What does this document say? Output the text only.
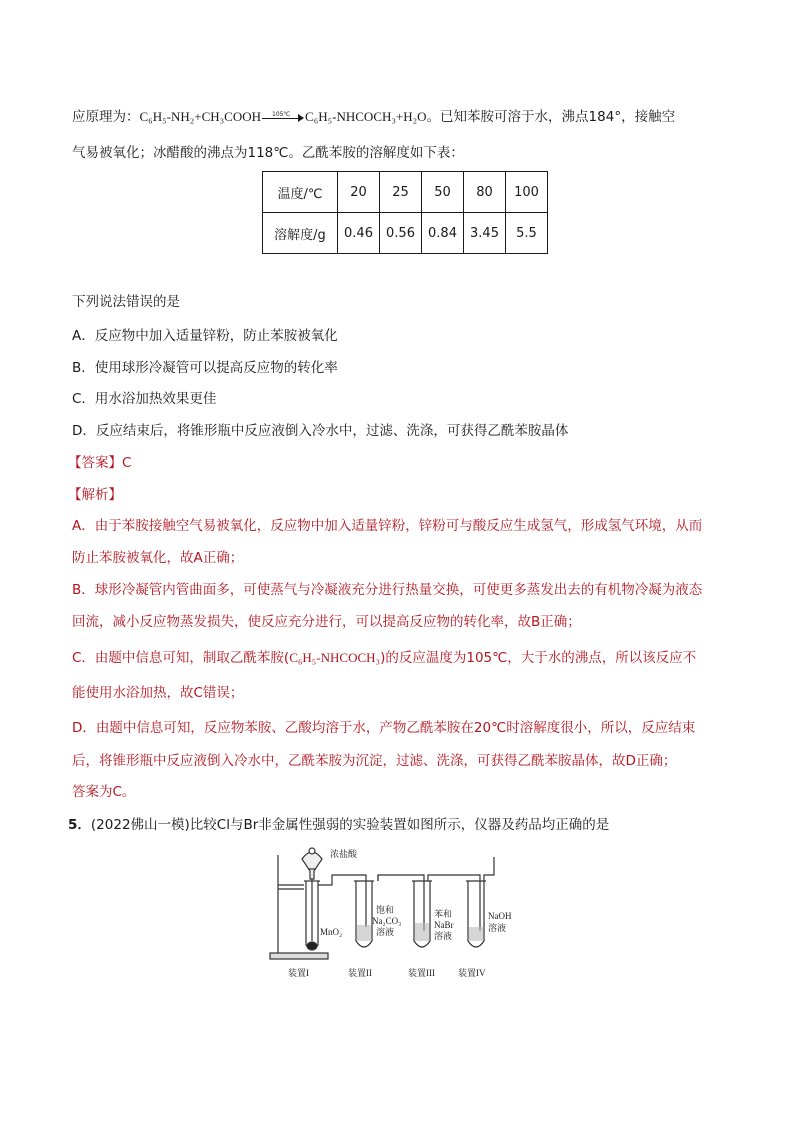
应原理为：C₆H₅-NH₂+CH₃COOH 105℃ C₆H₅-NHCOCH₃+H₂O。已知苯胺可溶于水，沸点184°，接触空
气易被氧化；冰醋酸的沸点为118℃。乙酰苯胺的溶解度如下表：
温度/℃	20	25	50	80	100
溶解度/g	0.46	0.56	0.84	3.45	5.5
下列说法错误的是
A．反应物中加入适量锌粉，防止苯胺被氧化
B．使用球形冷凝管可以提高反应物的转化率
C．用水浴加热效果更佳
D．反应结束后，将锥形瓶中反应液倒入冷水中，过滤、洗涤，可获得乙酰苯胺晶体
【答案】C
【解析】
A．由于苯胺接触空气易被氧化，反应物中加入适量锌粉，锌粉可与酸反应生成氢气，形成氢气环境，从而
防止苯胺被氧化，故A正确；
B．球形冷凝管内管曲面多，可使蒸气与冷凝液充分进行热量交换，可使更多蒸发出去的有机物冷凝为液态
回流，减小反应物蒸发损失，使反应充分进行，可以提高反应物的转化率，故B正确；
C．由题中信息可知，制取乙酰苯胺(C₆H₅-NHCOCH₃)的反应温度为105℃，大于水的沸点，所以该反应不
能使用水浴加热，故C错误；
D．由题中信息可知，反应物苯胺、乙酸均溶于水，产物乙酰苯胺在20℃时溶解度很小，所以，反应结束
后，将锥形瓶中反应液倒入冷水中，乙酰苯胺为沉淀，过滤、洗涤，可获得乙酰苯胺晶体，故D正确；
答案为C。
5．(2022佛山一模)比较Cl与Br非金属性强弱的实验装置如图所示，仪器及药品均正确的是
浓盐酸
MnO₂
饱和
Na₂CO₃
溶液
苯和
NaBr
溶液
NaOH
溶液
装置I	装置II	装置III	装置IV
